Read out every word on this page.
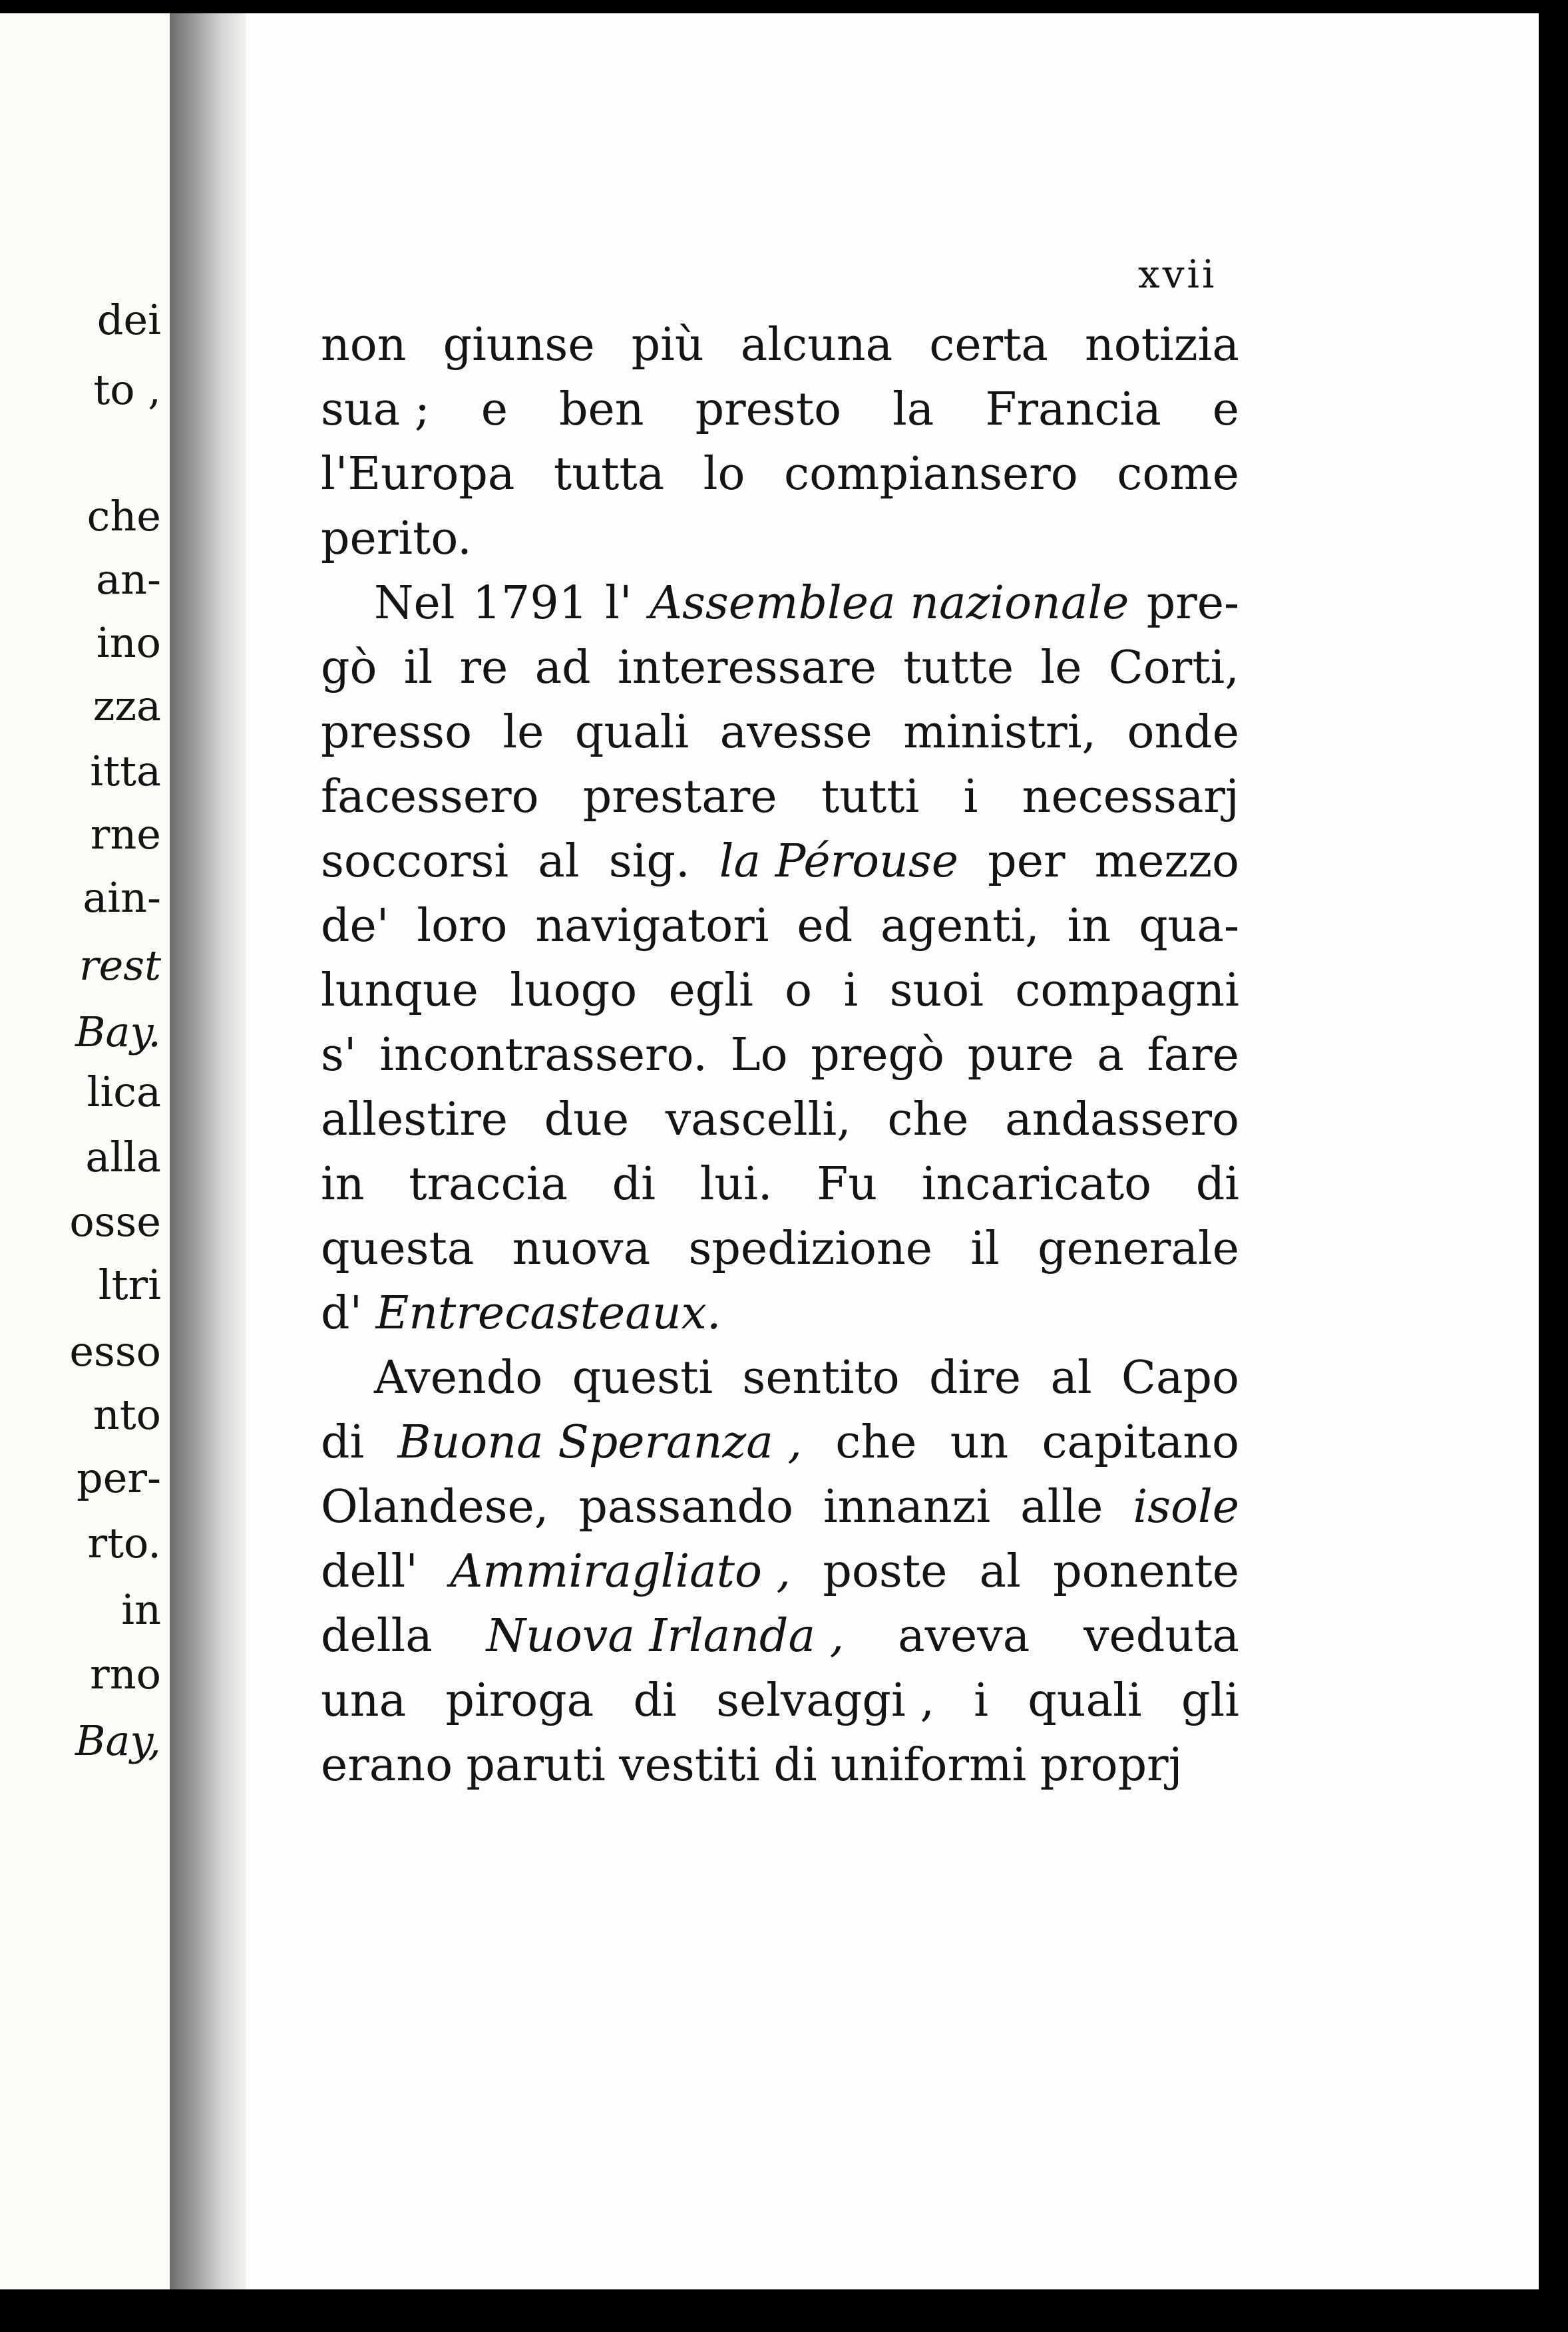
dei
to ,
che
an-
ino
zza
itta
rne
ain-
rest
Bay.
lica
alla
osse
ltri
esso
nto
per-
rto.
in
rno
Bay,
xvii
non giunse più alcuna certa notizia
sua ; e ben presto la Francia e
l'Europa tutta lo compiansero come
perito.
Nel 1791 l' Assemblea nazionale pre-
gò il re ad interessare tutte le Corti,
presso le quali avesse ministri, onde
facessero prestare tutti i necessarj
soccorsi al sig. la Pérouse per mezzo
de' loro navigatori ed agenti, in qua-
lunque luogo egli o i suoi compagni
s' incontrassero. Lo pregò pure a fare
allestire due vascelli, che andassero
in traccia di lui. Fu incaricato di
questa nuova spedizione il generale
d' Entrecasteaux.
Avendo questi sentito dire al Capo
di Buona Speranza , che un capitano
Olandese, passando innanzi alle isole
dell' Ammiragliato , poste al ponente
della Nuova Irlanda , aveva veduta
una piroga di selvaggi , i quali gli
erano paruti vestiti di uniformi proprj
